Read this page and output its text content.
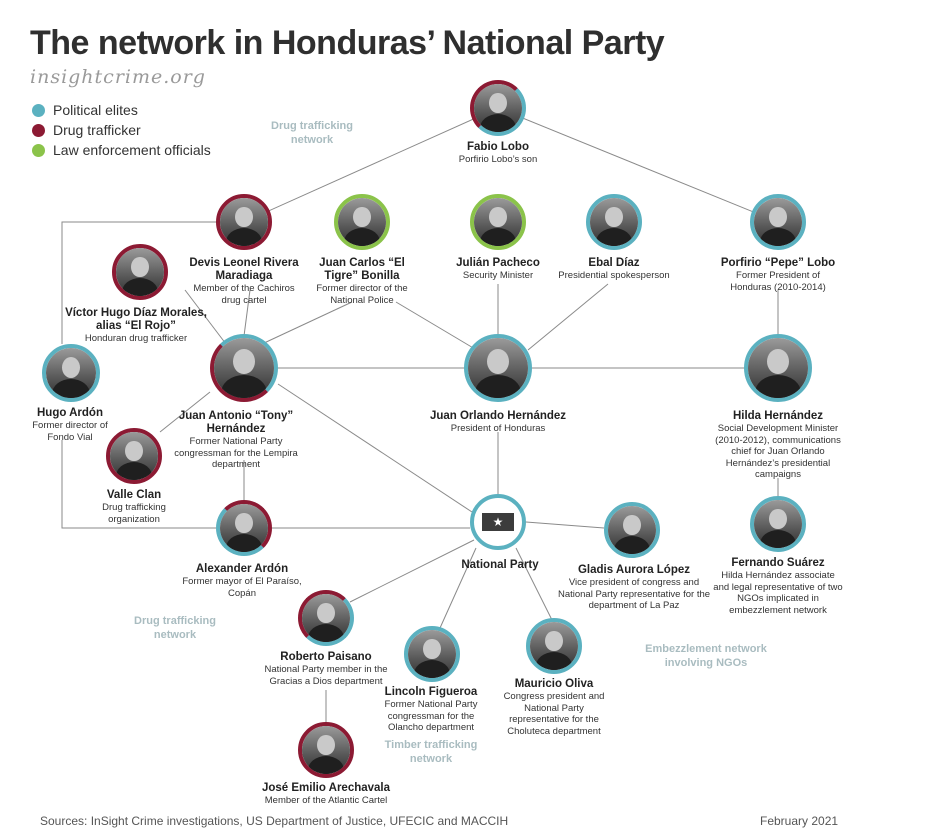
The network in Honduras’ National Party
insightcrime.org
Political elites
Drug trafficker
Law enforcement officials
Drug trafficking network
Drug trafficking network
Embezzlement network involving NGOs
Timber trafficking network
Fabio Lobo
Porfirio Lobo’s son
Devis Leonel Rivera Maradiaga
Member of the Cachiros drug cartel
Juan Carlos “El Tigre” Bonilla
Former director of the National Police
Julián Pacheco
Security Minister
Ebal Díaz
Presidential spokesperson
Porfirio “Pepe” Lobo
Former President of Honduras (2010-2014)
Víctor Hugo Díaz Morales, alias “El Rojo”
Honduran drug trafficker
Hugo Ardón
Former director of Fondo Vial
Juan Antonio “Tony” Hernández
Former National Party congressman for the Lempira department
Juan Orlando Hernández
President of Honduras
Hilda Hernández
Social Development Minister (2010-2012), communications chief for Juan Orlando Hernández’s presidential campaigns
Valle Clan
Drug trafficking organization
Alexander Ardón
Former mayor of El Paraíso, Copán
★
National Party	Gladis Aurora López
Vice president of congress and National Party representative for the department of La Paz
Fernando Suárez
Hilda Hernández associate and legal representative of two NGOs implicated in embezzlement network
Roberto Paisano
National Party member in the Gracias a Dios department
Lincoln Figueroa
Former National Party congressman for the Olancho department
Mauricio Oliva
Congress president and National Party representative for the Choluteca department
José Emilio Arechavala
Member of the Atlantic Cartel
Sources: InSight Crime investigations, US Department of Justice, UFECIC and MACCIH	February 2021
